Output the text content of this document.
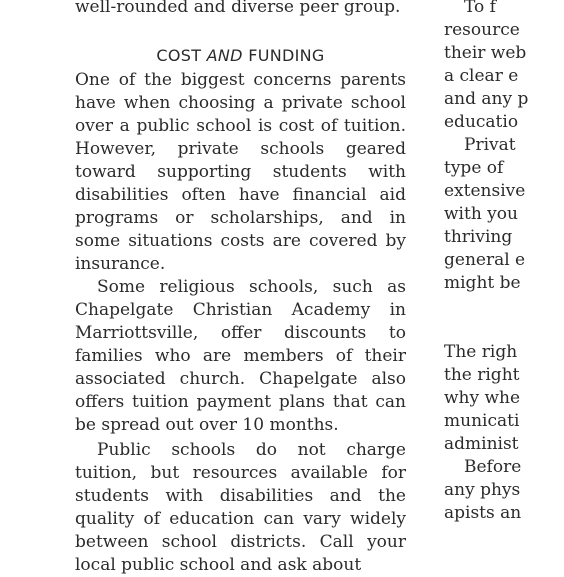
well-rounded and diverse peer group.

COST AND FUNDING

One of the biggest concerns parents have when choosing a private school over a public school is cost of tuition. However, private schools geared toward supporting students with disabilities often have financial aid programs or scholarships, and in some situations costs are covered by insurance.

Some religious schools, such as Chapelgate Christian Academy in Marriottsville, offer discounts to families who are members of their associated church. Chapelgate also offers tuition payment plans that can be spread out over 10 months.

Public schools do not charge tuition, but resources available for students with disabilities and the quality of education can vary widely between school districts. Call your local public school and ask about

To f
resource
their web
a clear e
and any p
educatio
Privat
type of
extensive
with you
thriving
general e
might be
The righ
the right
why whe
municati
administ
Before
any phys
apists an
